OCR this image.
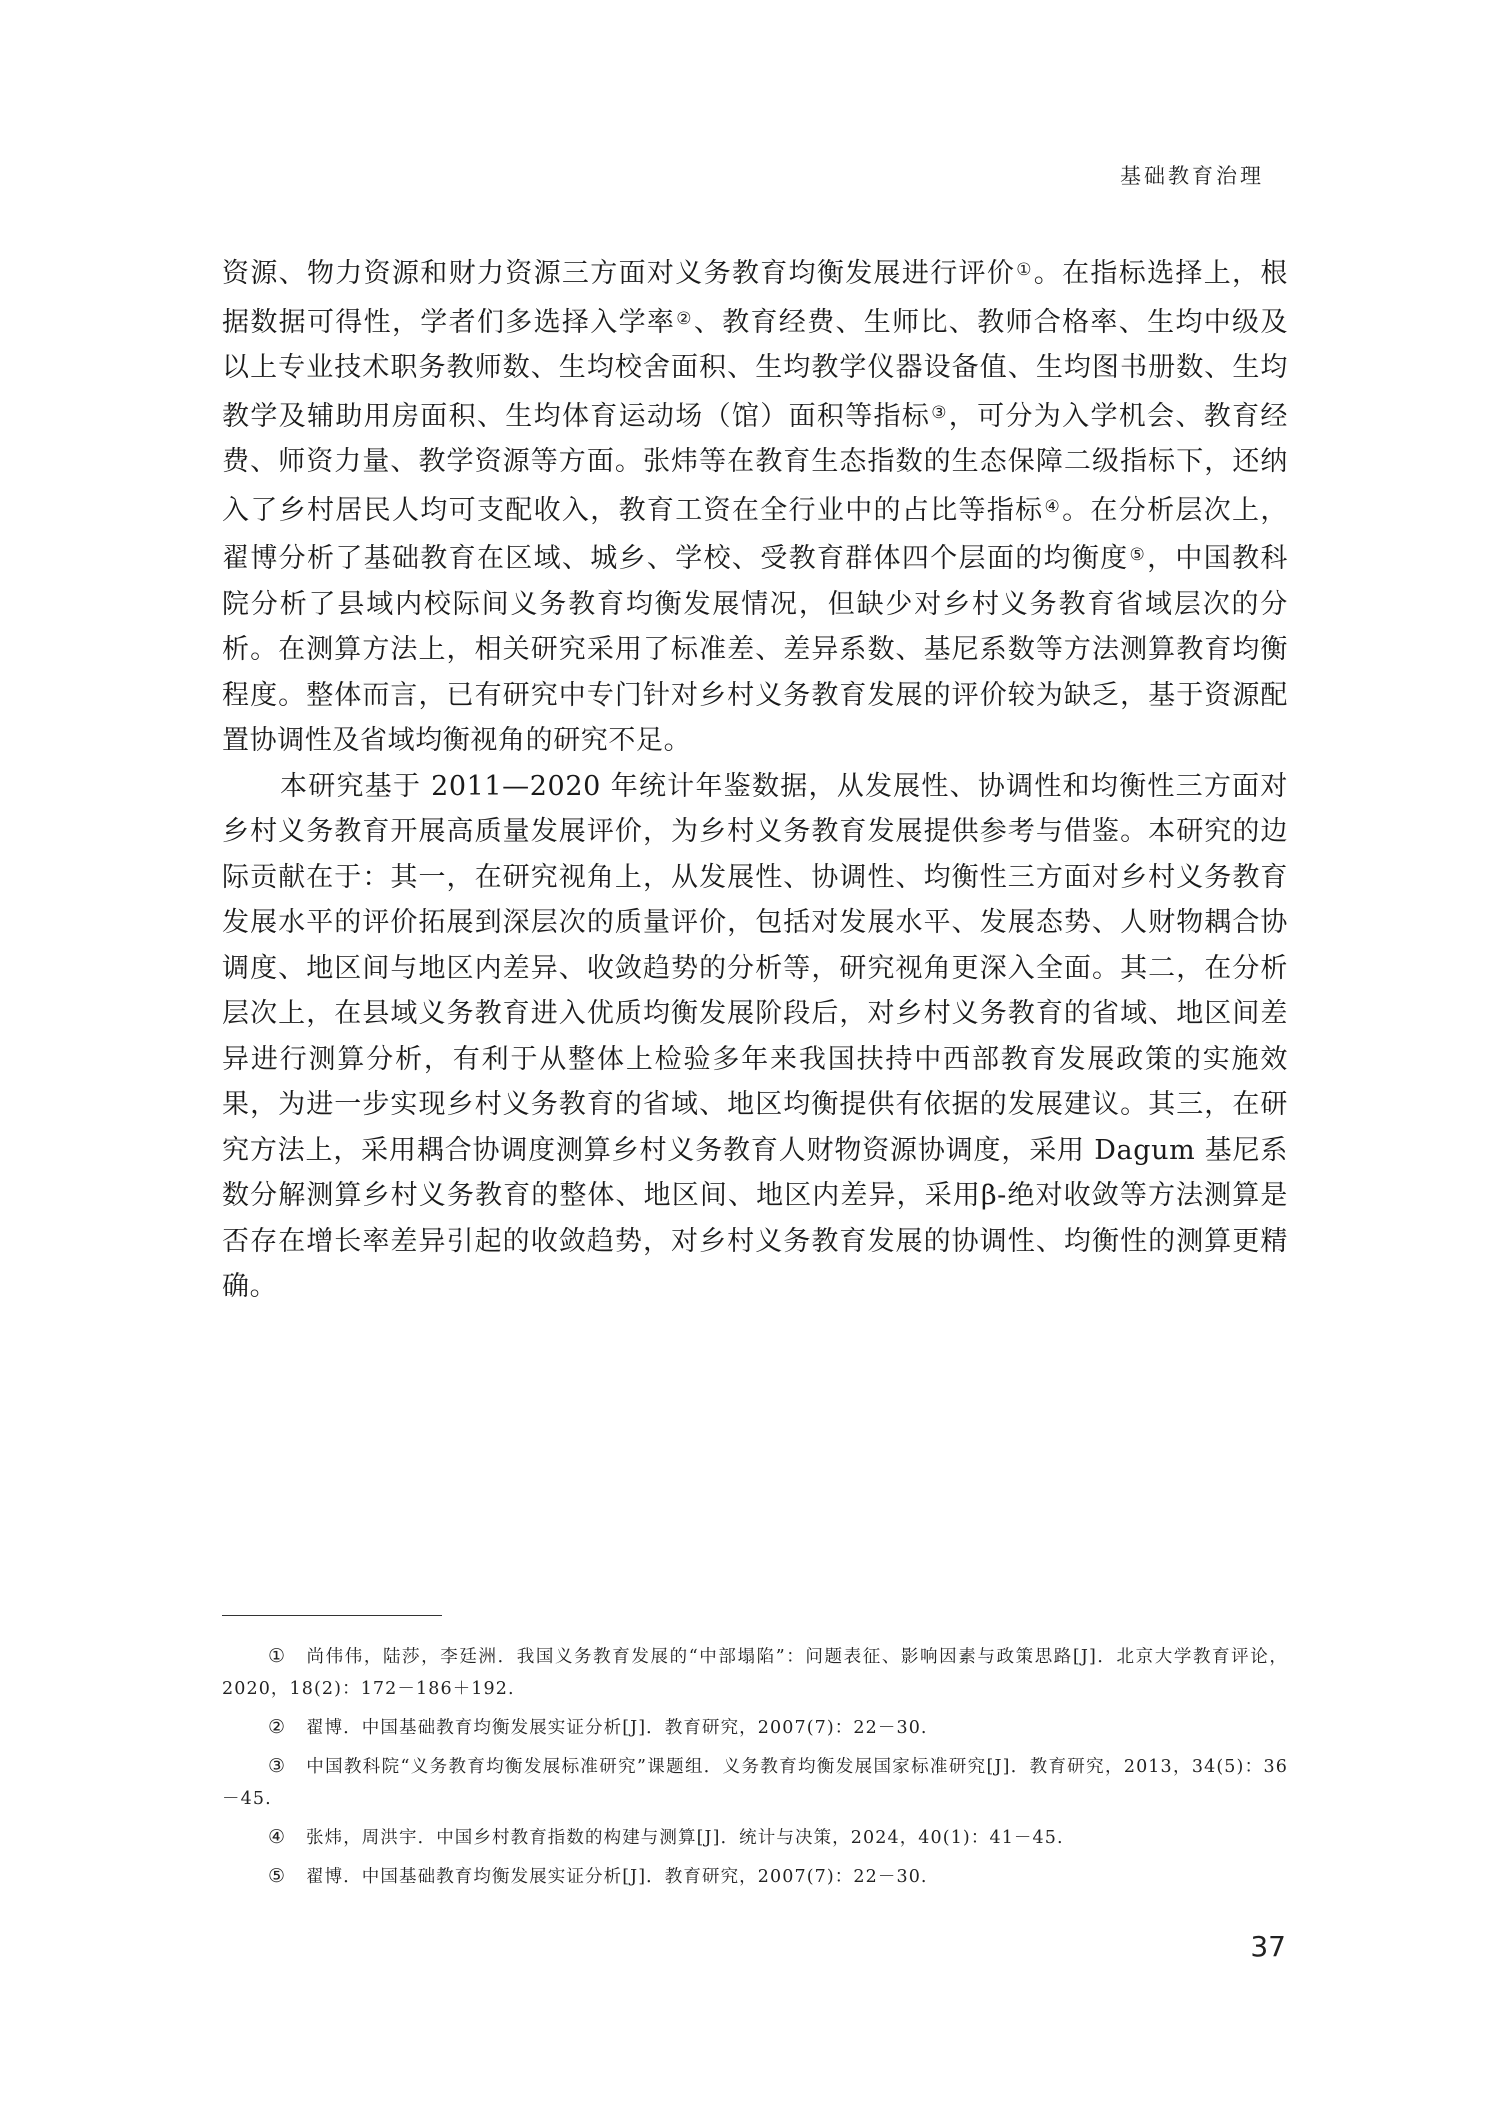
基础教育治理

资源、物力资源和财力资源三方面对义务教育均衡发展进行评价①。在指标选择上，根据数据可得性，学者们多选择入学率②、教育经费、生师比、教师合格率、生均中级及以上专业技术职务教师数、生均校舍面积、生均教学仪器设备值、生均图书册数、生均教学及辅助用房面积、生均体育运动场（馆）面积等指标③，可分为入学机会、教育经费、师资力量、教学资源等方面。张炜等在教育生态指数的生态保障二级指标下，还纳入了乡村居民人均可支配收入，教育工资在全行业中的占比等指标④。在分析层次上，翟博分析了基础教育在区域、城乡、学校、受教育群体四个层面的均衡度⑤，中国教科院分析了县域内校际间义务教育均衡发展情况，但缺少对乡村义务教育省域层次的分析。在测算方法上，相关研究采用了标准差、差异系数、基尼系数等方法测算教育均衡程度。整体而言，已有研究中专门针对乡村义务教育发展的评价较为缺乏，基于资源配置协调性及省域均衡视角的研究不足。

本研究基于 2011—2020 年统计年鉴数据，从发展性、协调性和均衡性三方面对乡村义务教育开展高质量发展评价，为乡村义务教育发展提供参考与借鉴。本研究的边际贡献在于：其一，在研究视角上，从发展性、协调性、均衡性三方面对乡村义务教育发展水平的评价拓展到深层次的质量评价，包括对发展水平、发展态势、人财物耦合协调度、地区间与地区内差异、收敛趋势的分析等，研究视角更深入全面。其二，在分析层次上，在县域义务教育进入优质均衡发展阶段后，对乡村义务教育的省域、地区间差异进行测算分析，有利于从整体上检验多年来我国扶持中西部教育发展政策的实施效果，为进一步实现乡村义务教育的省域、地区均衡提供有依据的发展建议。其三，在研究方法上，采用耦合协调度测算乡村义务教育人财物资源协调度，采用 Dagum 基尼系数分解测算乡村义务教育的整体、地区间、地区内差异，采用β-绝对收敛等方法测算是否存在增长率差异引起的收敛趋势，对乡村义务教育发展的协调性、均衡性的测算更精确。

① 尚伟伟，陆莎，李廷洲．我国义务教育发展的“中部塌陷”：问题表征、影响因素与政策思路[J]．北京大学教育评论，2020，18(2)：172－186＋192.

② 翟博．中国基础教育均衡发展实证分析[J]．教育研究，2007(7)：22－30.

③ 中国教科院“义务教育均衡发展标准研究”课题组．义务教育均衡发展国家标准研究[J]．教育研究，2013，34(5)：36－45.

④ 张炜，周洪宇．中国乡村教育指数的构建与测算[J]．统计与决策，2024，40(1)：41－45.

⑤ 翟博．中国基础教育均衡发展实证分析[J]．教育研究，2007(7)：22－30.

37
